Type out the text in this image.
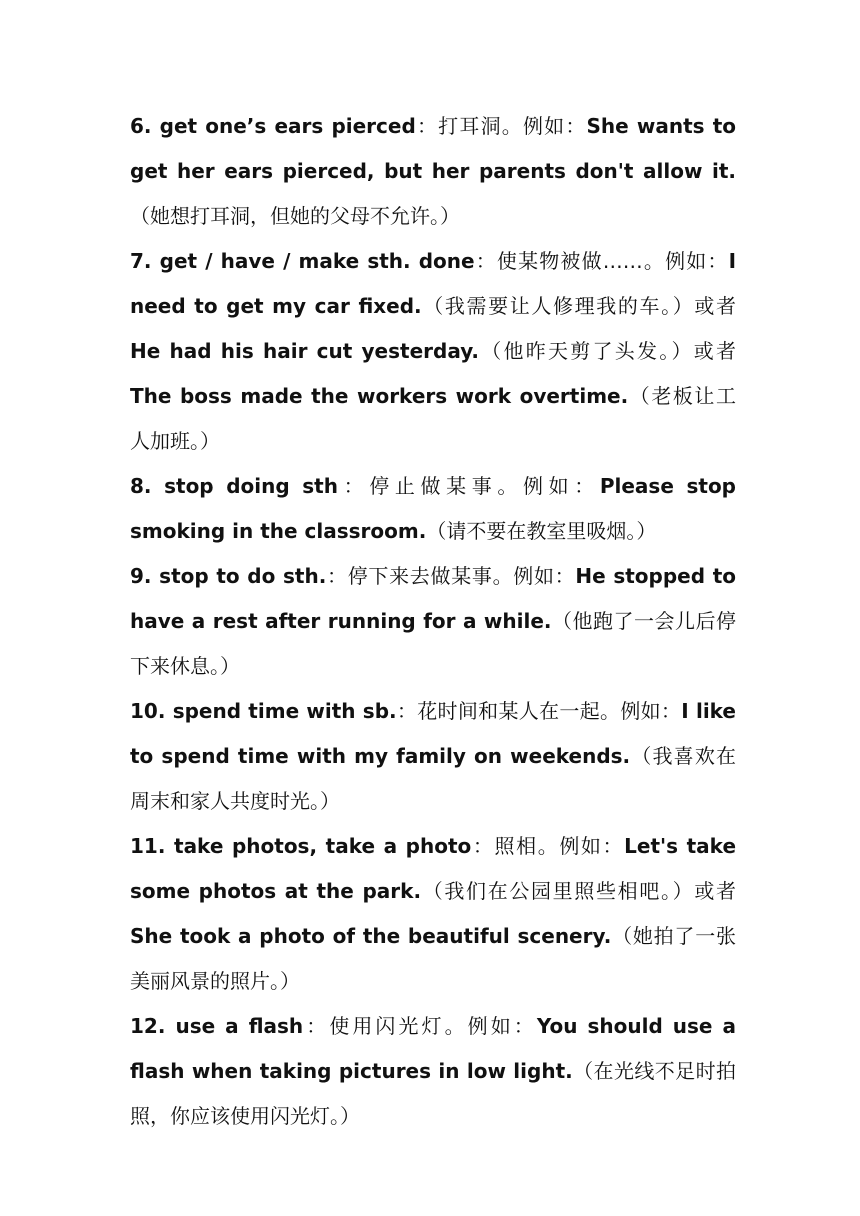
6. get one’s ears pierced：打耳洞。例如：She wants to get her ears pierced, but her parents don't allow it.（她想打耳洞，但她的父母不允许。）

7. get / have / make sth. done：使某物被做……。例如：I need to get my car fixed.（我需要让人修理我的车。）或者 He had his hair cut yesterday.（他昨天剪了头发。）或者 The boss made the workers work overtime.（老板让工人加班。）

8. stop doing sth：停止做某事。例如：Please stop smoking in the classroom.（请不要在教室里吸烟。）

9. stop to do sth.：停下来去做某事。例如：He stopped to have a rest after running for a while.（他跑了一会儿后停下来休息。）

10. spend time with sb.：花时间和某人在一起。例如：I like to spend time with my family on weekends.（我喜欢在周末和家人共度时光。）

11. take photos, take a photo：照相。例如：Let's take some photos at the park.（我们在公园里照些相吧。）或者 She took a photo of the beautiful scenery.（她拍了一张美丽风景的照片。）

12. use a flash：使用闪光灯。例如：You should use a flash when taking pictures in low light.（在光线不足时拍照，你应该使用闪光灯。）
